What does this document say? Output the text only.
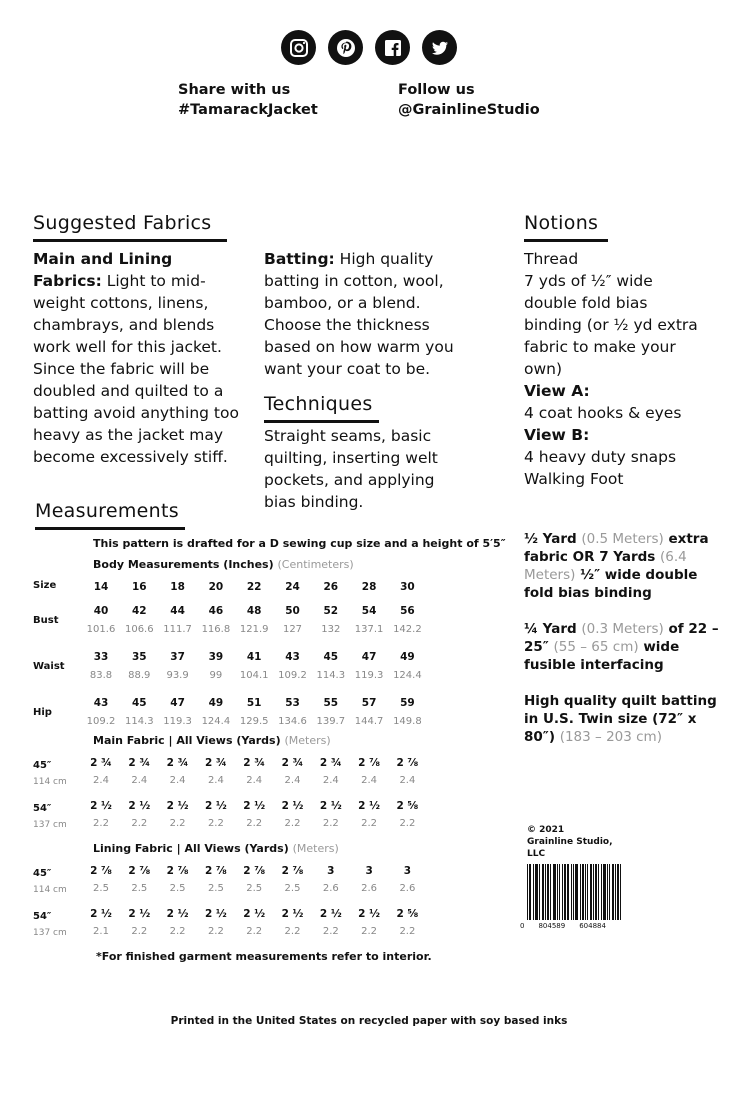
Share with us
#TamarackJacket
Follow us
@GrainlineStudio
Suggested Fabrics
Main and Lining Fabrics: Light to mid-weight cottons, linens, chambrays, and blends work well for this jacket. Since the fabric will be doubled and quilted to a batting avoid anything too heavy as the jacket may become excessively stiff.
Batting: High quality batting in cotton, wool, bamboo, or a blend. Choose the thickness based on how warm you want your coat to be.
Techniques
Straight seams, basic quilting, inserting welt pockets, and applying bias binding.
Notions
Thread
7 yds of ½″ wide double fold bias binding (or ½ yd extra fabric to make your own)
View A:
4 coat hooks & eyes
View B:
4 heavy duty snaps
Walking Foot
Measurements
This pattern is drafted for a D sewing cup size and a height of 5′5″
Body Measurements (Inches) (Centimeters)
Main Fabric | All Views (Yards) (Meters)
Lining Fabric | All Views (Yards) (Meters)
Size	14	16	18	20	22	24	26	28	30
Bust
40	42	44	46	48	50	52	54	56
101.6 106.6 111.7 116.8 121.9	127	132	137.1 142.2
Waist
33	35	37	39	41	43	45	47	49
83.8	88.9	93.9	99	104.1 109.2 114.3 119.3 124.4
Hip
43	45	47	49	51	53	55	57	59
109.2 114.3 119.3 124.4 129.5 134.6 139.7 144.7 149.8
45″
114 cm
2 ¾	2 ¾	2 ¾	2 ¾	2 ¾	2 ¾	2 ¾	2 ⅞	2 ⅞
2.4	2.4	2.4	2.4	2.4	2.4	2.4	2.4	2.4
54″
137 cm
2 ½	2 ½	2 ½	2 ½	2 ½	2 ½	2 ½	2 ½	2 ⅝
2.2	2.2	2.2	2.2	2.2	2.2	2.2	2.2	2.2
45″
114 cm
2 ⅞	2 ⅞	2 ⅞	2 ⅞	2 ⅞	2 ⅞	3	3	3
2.5	2.5	2.5	2.5	2.5	2.5	2.6	2.6	2.6
54″
137 cm
2 ½	2 ½	2 ½	2 ½	2 ½	2 ½	2 ½	2 ½	2 ⅝
2.1	2.2	2.2	2.2	2.2	2.2	2.2	2.2	2.2
*For finished garment measurements refer to interior.
½ Yard (0.5 Meters) extra fabric OR 7 Yards (6.4 Meters) ½″ wide double fold bias binding
¼ Yard (0.3 Meters) of 22 – 25″ (55 – 65 cm) wide fusible interfacing
High quality quilt batting in U.S. Twin size (72″ x 80″) (183 – 203 cm)
© 2021
Grainline Studio,
LLC
0 804589 604884
Printed in the United States on recycled paper with soy based inks
